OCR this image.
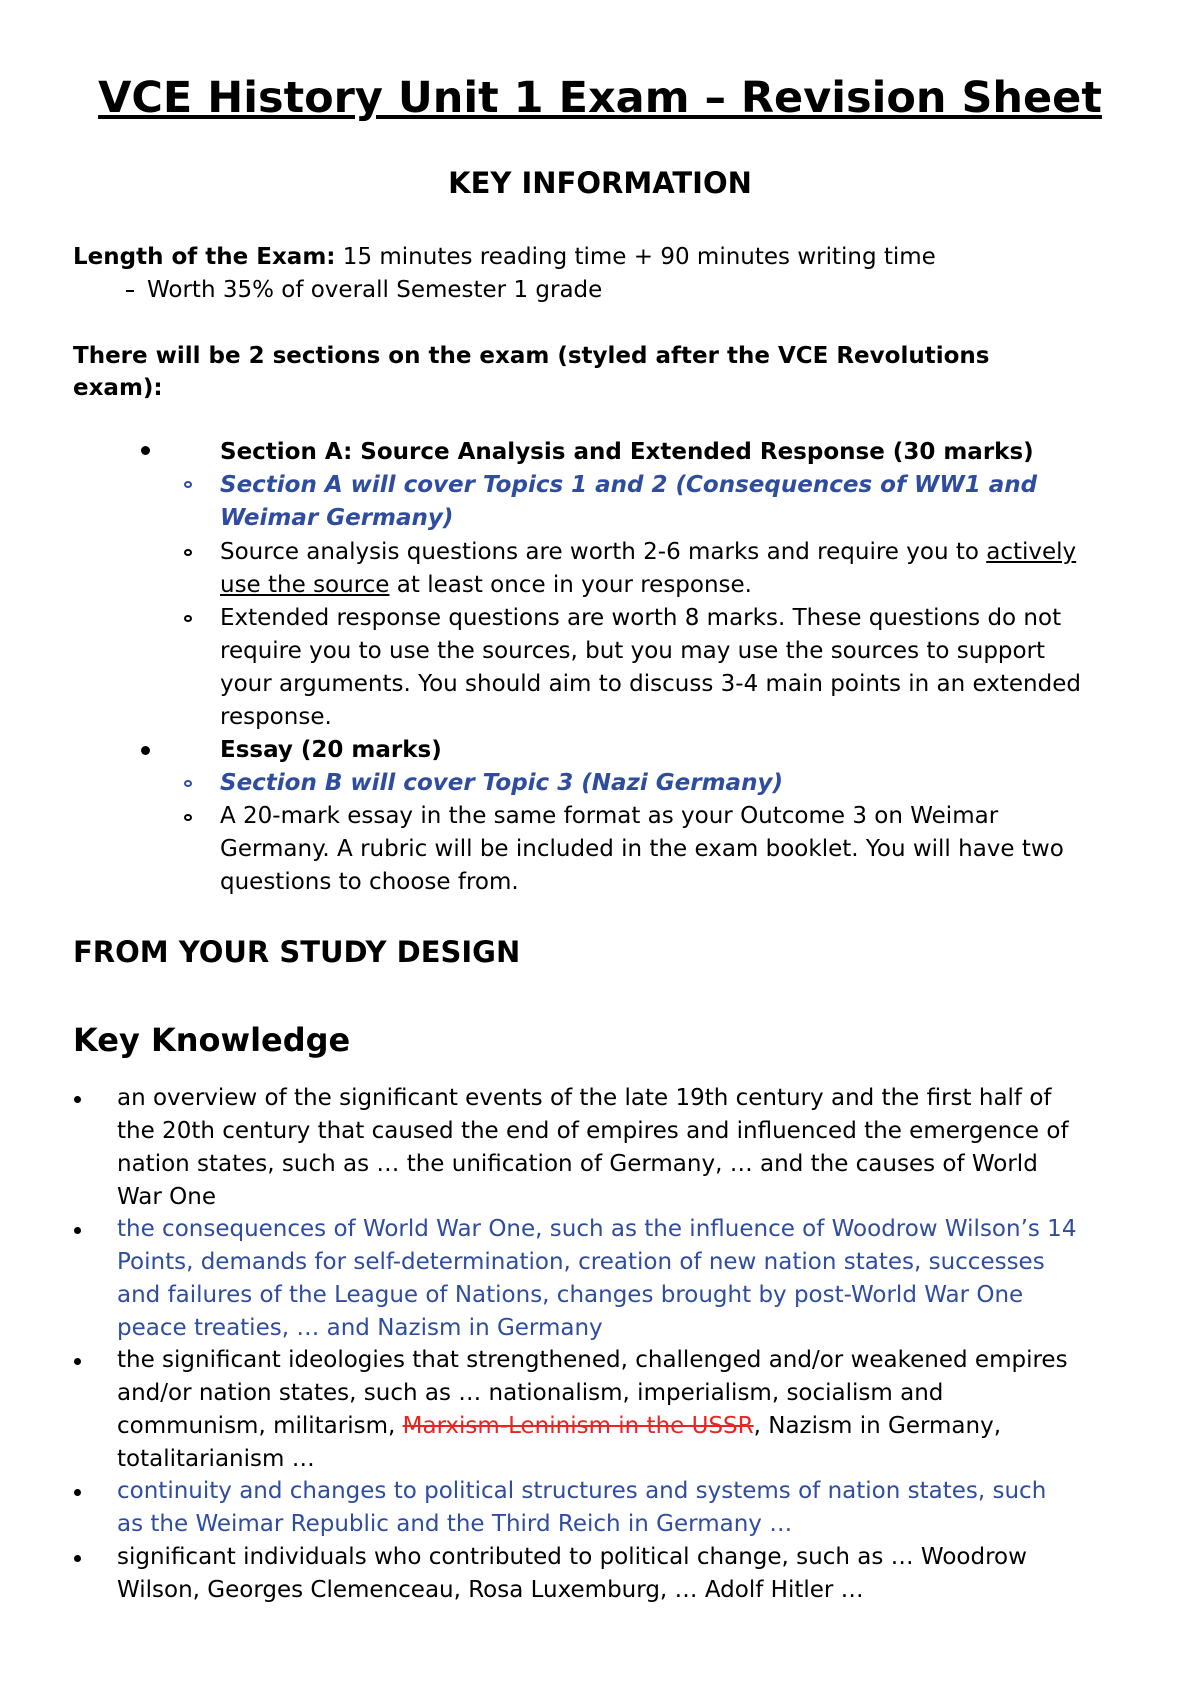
VCE History Unit 1 Exam – Revision Sheet
KEY INFORMATION
Length of the Exam: 15 minutes reading time + 90 minutes writing time
Worth 35% of overall Semester 1 grade
There will be 2 sections on the exam (styled after the VCE Revolutions
exam):
Section A: Source Analysis and Extended Response (30 marks)
Section A will cover Topics 1 and 2 (Consequences of WW1 and
Weimar Germany)
Source analysis questions are worth 2-6 marks and require you to actively
use the source at least once in your response.
Extended response questions are worth 8 marks. These questions do not
require you to use the sources, but you may use the sources to support
your arguments. You should aim to discuss 3-4 main points in an extended
response.
Essay (20 marks)
Section B will cover Topic 3 (Nazi Germany)
A 20-mark essay in the same format as your Outcome 3 on Weimar
Germany. A rubric will be included in the exam booklet. You will have two
questions to choose from.
FROM YOUR STUDY DESIGN
Key Knowledge
an overview of the significant events of the late 19th century and the first half of
the 20th century that caused the end of empires and influenced the emergence of
nation states, such as … the unification of Germany, … and the causes of World
War One
the consequences of World War One, such as the influence of Woodrow Wilson’s 14
Points, demands for self-determination, creation of new nation states, successes
and failures of the League of Nations, changes brought by post-World War One
peace treaties, … and Nazism in Germany
the significant ideologies that strengthened, challenged and/or weakened empires
and/or nation states, such as … nationalism, imperialism, socialism and
communism, militarism, Marxism-Leninism in the USSR, Nazism in Germany,
totalitarianism …
continuity and changes to political structures and systems of nation states, such
as the Weimar Republic and the Third Reich in Germany …
significant individuals who contributed to political change, such as … Woodrow
Wilson, Georges Clemenceau, Rosa Luxemburg, … Adolf Hitler …
